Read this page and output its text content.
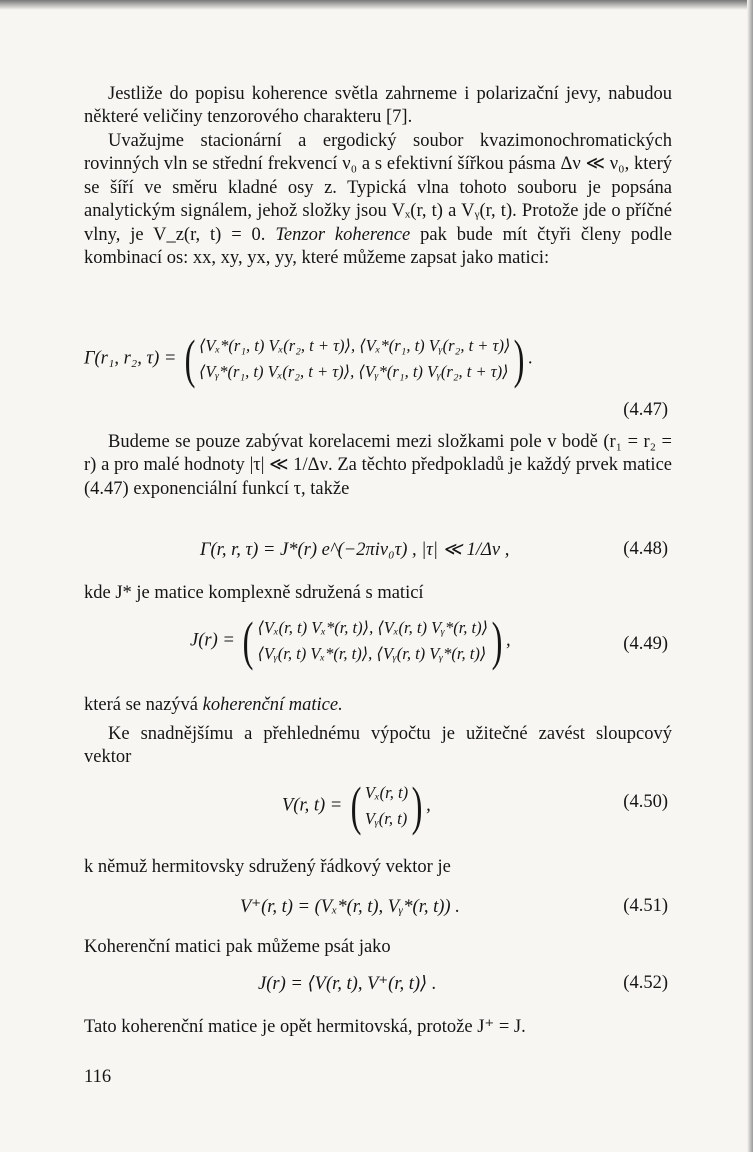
Jestliže do popisu koherence světla zahrneme i polarizační jevy, nabudou některé veličiny tenzorového charakteru [7].

Uvažujme stacionární a ergodický soubor kvazimonochromatických rovinných vln se střední frekvencí ν₀ a s efektivní šířkou pásma Δν ≪ ν₀, který se šíří ve směru kladné osy z. Typická vlna tohoto souboru je popsána analytickým signálem, jehož složky jsou Vₓ(r, t) a Vᵧ(r, t). Protože jde o příčné vlny, je V_z(r, t) = 0. Tenzor koherence pak bude mít čtyři členy podle kombinací os: xx, xy, yx, yy, které můžeme zapsat jako matici:

Γ(r₁, r₂, τ) = ( ⟨Vₓ*(r₁, t) Vₓ(r₂, t + τ)⟩, ⟨Vₓ*(r₁, t) Vᵧ(r₂, t + τ)⟩
⟨Vᵧ*(r₁, t) Vₓ(r₂, t + τ)⟩, ⟨Vᵧ*(r₁, t) Vᵧ(r₂, t + τ)⟩ ) .
(4.47)

Budeme se pouze zabývat korelacemi mezi složkami pole v bodě (r₁ = r₂ = r) a pro malé hodnoty |τ| ≪ 1/Δν. Za těchto předpokladů je každý prvek matice (4.47) exponenciální funkcí τ, takže

Γ(r, r, τ) = J*(r) e^(−2πiν₀τ) , |τ| ≪ 1/Δν ,	(4.48)
kde J* je matice komplexně sdružená s maticí
J(r) = ( ⟨Vₓ(r, t) Vₓ*(r, t)⟩, ⟨Vₓ(r, t) Vᵧ*(r, t)⟩
⟨Vᵧ(r, t) Vₓ*(r, t)⟩, ⟨Vᵧ(r, t) Vᵧ*(r, t)⟩ ) ,	(4.49)
která se nazývá koherenční matice.

Ke snadnějšímu a přehlednému výpočtu je užitečné zavést sloupcový vektor

V(r, t) = ( Vₓ(r, t)
Vᵧ(r, t) ) ,	(4.50)
k němuž hermitovsky sdružený řádkový vektor je
V⁺(r, t) = (Vₓ*(r, t), Vᵧ*(r, t)) .	(4.51)
Koherenční matici pak můžeme psát jako
J(r) = ⟨V(r, t), V⁺(r, t)⟩ .	(4.52)
Tato koherenční matice je opět hermitovská, protože J⁺ = J.
116
